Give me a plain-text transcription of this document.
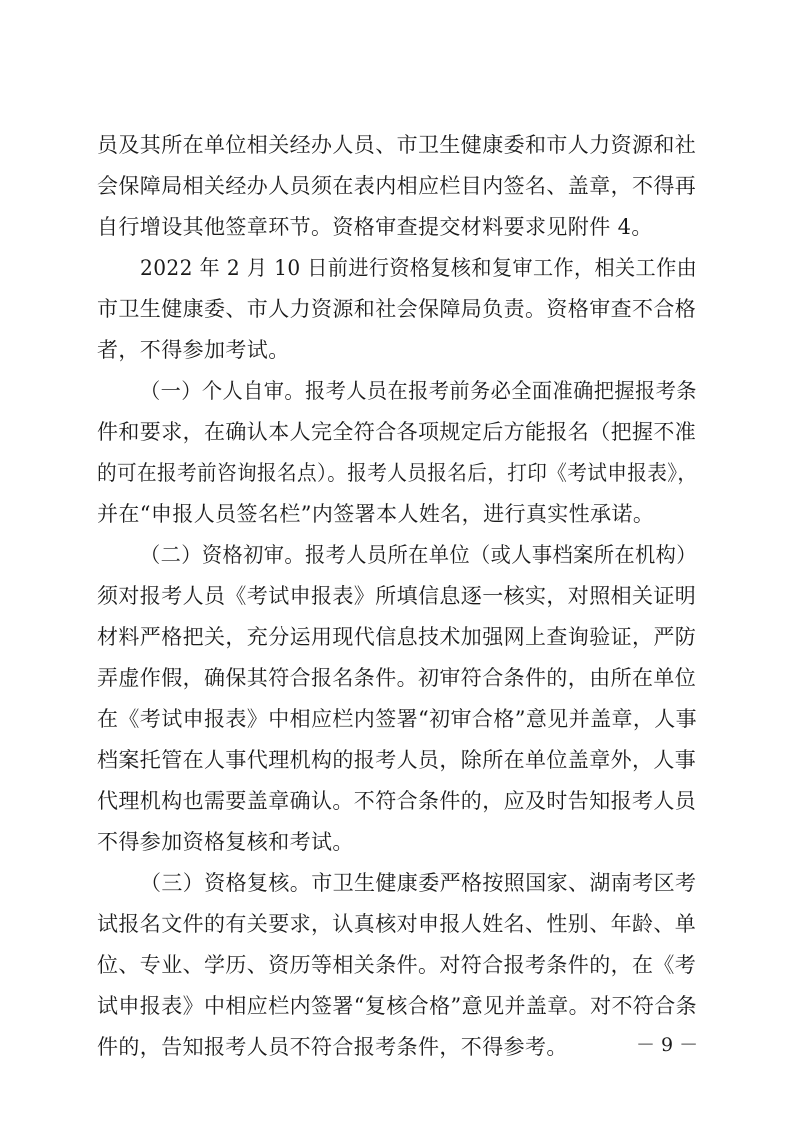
员及其所在单位相关经办人员、市卫生健康委和市人力资源和社
会保障局相关经办人员须在表内相应栏目内签名、盖章，不得再
自行增设其他签章环节。资格审查提交材料要求见附件 4。
2022 年 2 月 10 日前进行资格复核和复审工作，相关工作由
市卫生健康委、市人力资源和社会保障局负责。资格审查不合格
者，不得参加考试。
（一）个人自审。报考人员在报考前务必全面准确把握报考条
件和要求，在确认本人完全符合各项规定后方能报名（把握不准
的可在报考前咨询报名点）。报考人员报名后，打印《考试申报表》，
并在“申报人员签名栏”内签署本人姓名，进行真实性承诺。
（二）资格初审。报考人员所在单位（或人事档案所在机构）
须对报考人员《考试申报表》所填信息逐一核实，对照相关证明
材料严格把关，充分运用现代信息技术加强网上查询验证，严防
弄虚作假，确保其符合报名条件。初审符合条件的，由所在单位
在《考试申报表》中相应栏内签署“初审合格”意见并盖章，人事
档案托管在人事代理机构的报考人员，除所在单位盖章外，人事
代理机构也需要盖章确认。不符合条件的，应及时告知报考人员
不得参加资格复核和考试。
（三）资格复核。市卫生健康委严格按照国家、湖南考区考
试报名文件的有关要求，认真核对申报人姓名、性别、年龄、单
位、专业、学历、资历等相关条件。对符合报考条件的，在《考
试申报表》中相应栏内签署“复核合格”意见并盖章。对不符合条
件的，告知报考人员不符合报考条件，不得参考。	－ 9 －
